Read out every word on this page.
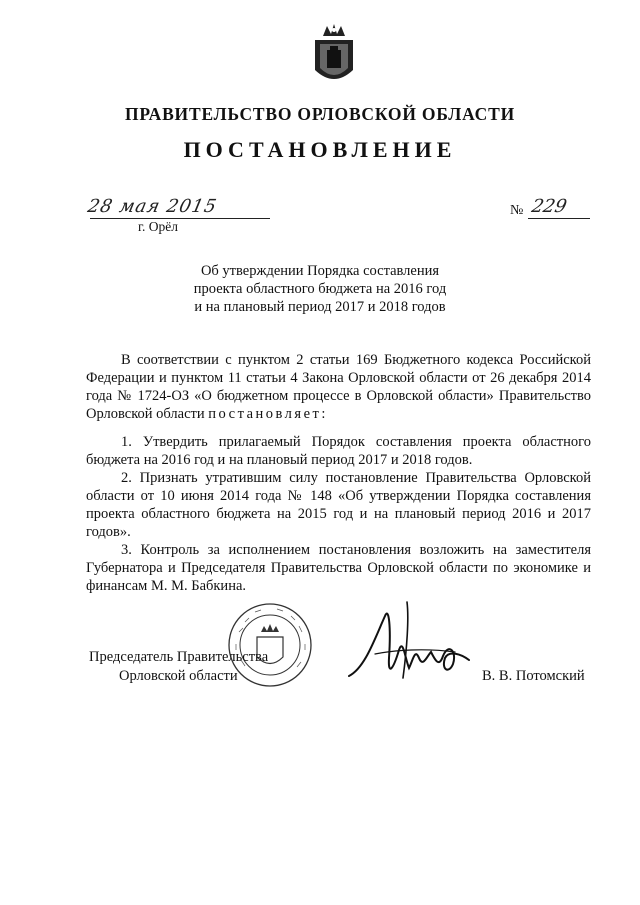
ПРАВИТЕЛЬСТВО ОРЛОВСКОЙ ОБЛАСТИ
ПОСТАНОВЛЕНИЕ
28 мая 2015
г. Орёл
№ 229
Об утверждении Порядка составления
проекта областного бюджета на 2016 год
и на плановый период 2017 и 2018 годов

В соответствии с пунктом 2 статьи 169 Бюджетного кодекса Российской Федерации и пунктом 11 статьи 4 Закона Орловской области от 26 декабря 2014 года № 1724-ОЗ «О бюджетном процессе в Орловской области» Правительство Орловской области постановляет:

1. Утвердить прилагаемый Порядок составления проекта областного бюджета на 2016 год и на плановый период 2017 и 2018 годов.

2. Признать утратившим силу постановление Правительства Орловской области от 10 июня 2014 года № 148 «Об утверждении Порядка составления проекта областного бюджета на 2015 год и на плановый период 2016 и 2017 годов».

3. Контроль за исполнением постановления возложить на заместителя Губернатора и Председателя Правительства Орловской области по экономике и финансам М. М. Бабкина.

Председатель Правительства
Орловской области	В. В. Потомский
